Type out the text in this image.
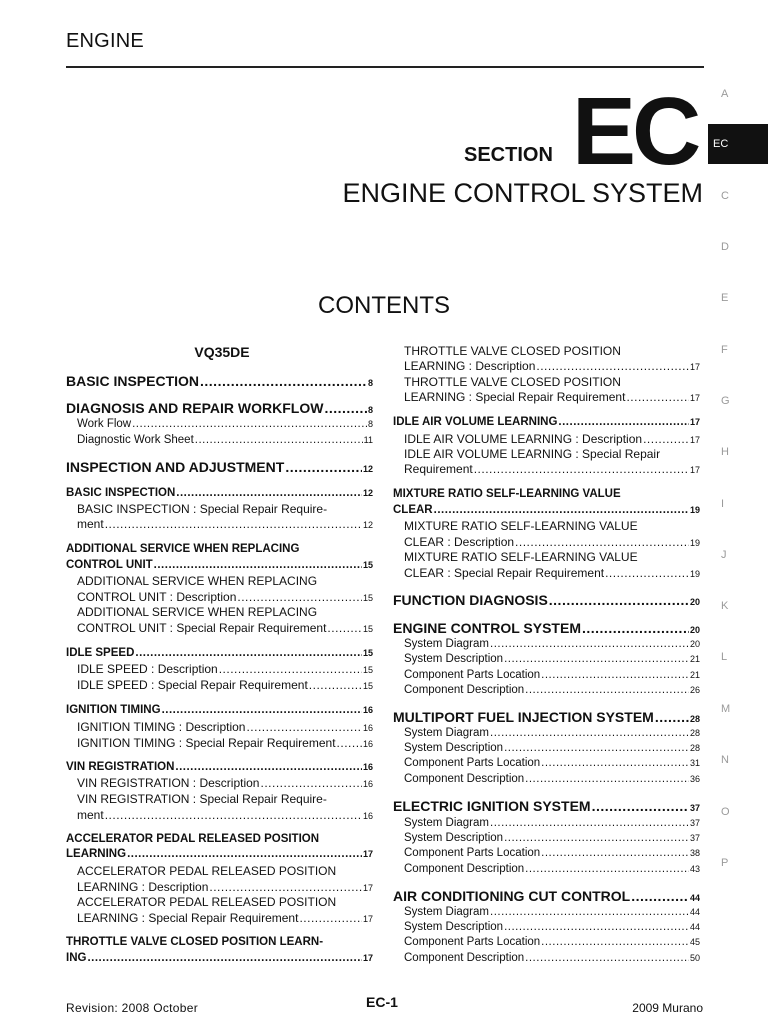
ENGINE
SECTION EC
ENGINE CONTROL SYSTEM
CONTENTS
VQ35DE
EC
A
C
D
E
F
G
H
I
J
K
L
M
N
O
P
BASIC INSPECTION .....	8
DIAGNOSIS AND REPAIR WORKFLOW .....	8
Work Flow .....	8
Diagnostic Work Sheet .....	11
INSPECTION AND ADJUSTMENT .....	12
BASIC INSPECTION .....	12
BASIC INSPECTION : Special Repair Require-
ment .....	12
ADDITIONAL SERVICE WHEN REPLACING
CONTROL UNIT .....	15
ADDITIONAL SERVICE WHEN REPLACING
CONTROL UNIT : Description .....	15
ADDITIONAL SERVICE WHEN REPLACING
CONTROL UNIT : Special Repair Requirement .....	15
IDLE SPEED .....	15
IDLE SPEED : Description .....	15
IDLE SPEED : Special Repair Requirement .....	15
IGNITION TIMING .....	16
IGNITION TIMING : Description .....	16
IGNITION TIMING : Special Repair Requirement .....	16
VIN REGISTRATION .....	16
VIN REGISTRATION : Description .....	16
VIN REGISTRATION : Special Repair Require-
ment .....	16
ACCELERATOR PEDAL RELEASED POSITION
LEARNING .....	17
ACCELERATOR PEDAL RELEASED POSITION
LEARNING : Description .....	17
ACCELERATOR PEDAL RELEASED POSITION
LEARNING : Special Repair Requirement .....	17
THROTTLE VALVE CLOSED POSITION LEARN-
ING .....	17
THROTTLE VALVE CLOSED POSITION
LEARNING : Description .....	17
THROTTLE VALVE CLOSED POSITION
LEARNING : Special Repair Requirement .....	17
IDLE AIR VOLUME LEARNING .....	17
IDLE AIR VOLUME LEARNING : Description .....	17
IDLE AIR VOLUME LEARNING : Special Repair
Requirement .....	17
MIXTURE RATIO SELF-LEARNING VALUE
CLEAR .....	19
MIXTURE RATIO SELF-LEARNING VALUE
CLEAR : Description .....	19
MIXTURE RATIO SELF-LEARNING VALUE
CLEAR : Special Repair Requirement .....	19
FUNCTION DIAGNOSIS .....	20
ENGINE CONTROL SYSTEM .....	20
System Diagram .....	20
System Description .....	21
Component Parts Location .....	21
Component Description .....	26
MULTIPORT FUEL INJECTION SYSTEM .....	28
System Diagram .....	28
System Description .....	28
Component Parts Location .....	31
Component Description .....	36
ELECTRIC IGNITION SYSTEM .....	37
System Diagram .....	37
System Description .....	37
Component Parts Location .....	38
Component Description .....	43
AIR CONDITIONING CUT CONTROL .....	44
System Diagram .....	44
System Description .....	44
Component Parts Location .....	45
Component Description .....	50
Revision: 2008 October	EC-1	2009 Murano
